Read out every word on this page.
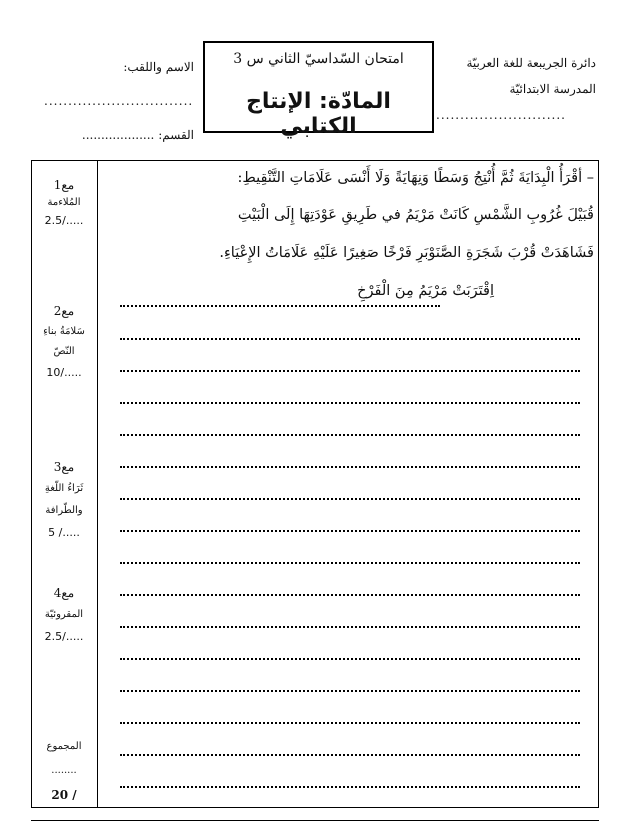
دائرة الجريبعة للغة العربيّة
المدرسة الابتدائيّة
...........................
امتحان السّداسيّ الثاني س 3
المادّة: الإنتاج الكتابي
الاسم واللقب:
...............................
القسم: ...................
مع1
المُلاءمة
2.5/.....
مع2
سَلامَةُ بناءِ النّصّ
10/.....
مع3
ثَرَاءُ اللّغةِ والطّرافة
5 /.....
مع4
المقروئيّة
2.5/.....
المجموع
........
20 /
– أقْرَأُ الْبِدَايَةَ ثُمَّ أُنْتِجُ وَسَطًا وَنِهَايَةً وَلَا أَنْسَى عَلَامَاتِ التَّنْقِيطِ:
قُبَيْلَ غُرُوبِ الشَّمْسِ كَانَتْ مَرْيَمُ في طَرِيقِ عَوْدَتِهَا إِلَى الْبَيْتِ
فَشَاهَدَتْ قُرْبَ شَجَرَةِ الصَّنَوْبَرِ فَرْخًا صَغِيرًا عَلَيْهِ عَلَامَاتُ الإِعْيَاءِ.
اِقْتَرَبَتْ مَرْيَمُ مِنَ الْفَرْخِ
